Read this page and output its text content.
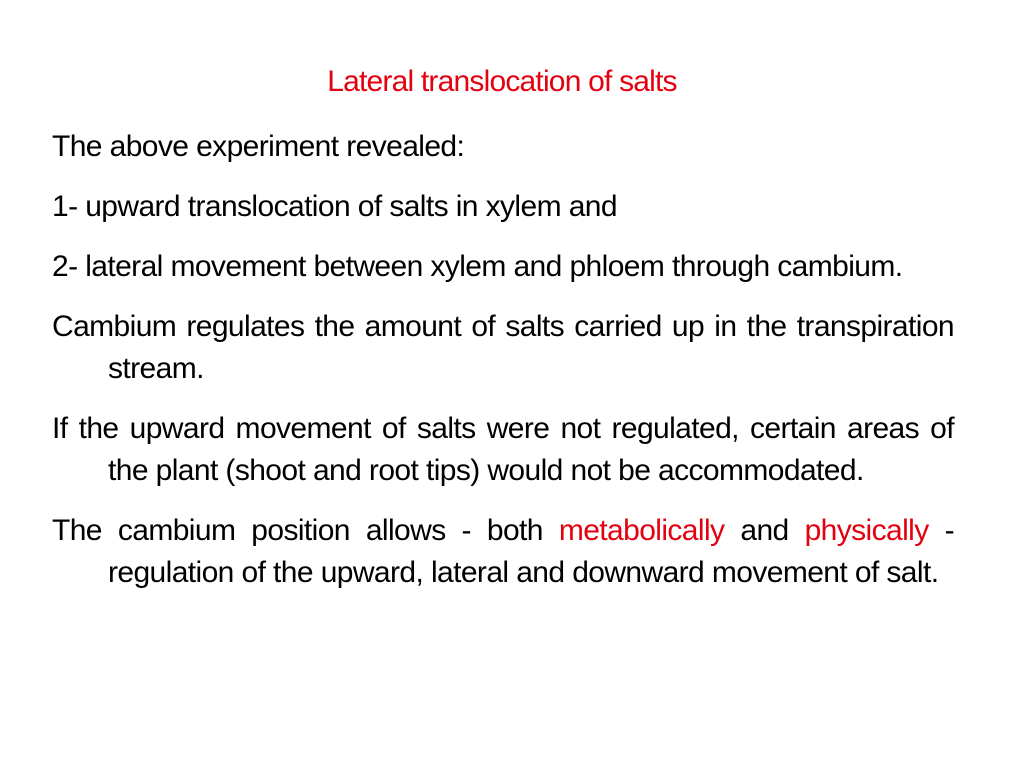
Lateral translocation of salts

The above experiment revealed:

1- upward translocation of salts in xylem and

2- lateral movement between xylem and phloem through cambium.

Cambium regulates the amount of salts carried up in the transpiration stream.

If the upward movement of salts were not regulated, certain areas of the plant (shoot and root tips) would not be accommodated.

The cambium position allows - both metabolically and physically - regulation of the upward, lateral and downward movement of salt.
